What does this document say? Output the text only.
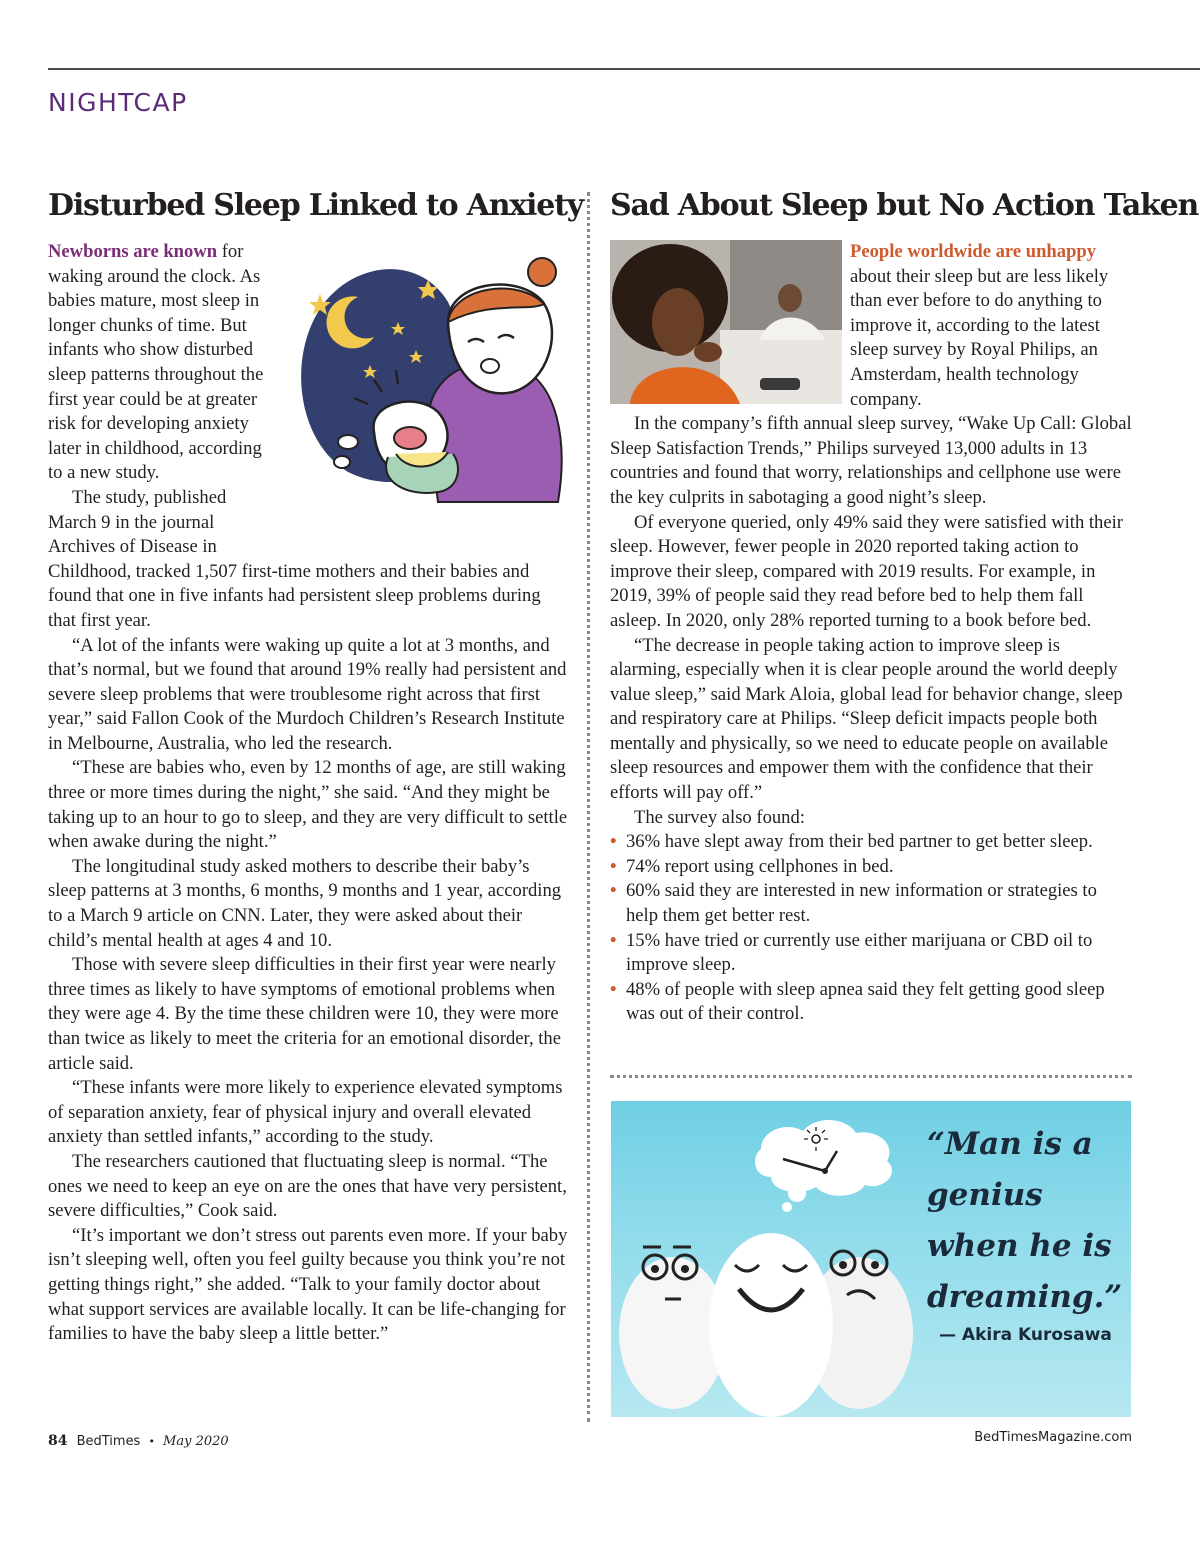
NIGHTCAP
Disturbed Sleep Linked to Anxiety Sad About Sleep but No Action Taken

Newborns are known for waking around the clock. As babies mature, most sleep in longer chunks of time. But infants who show disturbed sleep patterns throughout the first year could be at greater risk for developing anxiety later in childhood, according to a new study.

The study, published March 9 in the journal Archives of Disease in Childhood, tracked 1,507 first-time mothers and their babies and found that one in five infants had persistent sleep problems during that first year.

“A lot of the infants were waking up quite a lot at 3 months, and that’s normal, but we found that around 19% really had persistent and severe sleep problems that were troublesome right across that first year,” said Fallon Cook of the Murdoch Children’s Research Institute in Melbourne, Australia, who led the research.

“These are babies who, even by 12 months of age, are still waking three or more times during the night,” she said. “And they might be taking up to an hour to go to sleep, and they are very difficult to settle when awake during the night.”

The longitudinal study asked mothers to describe their baby’s sleep patterns at 3 months, 6 months, 9 months and 1 year, according to a March 9 article on CNN. Later, they were asked about their child’s mental health at ages 4 and 10.

Those with severe sleep difficulties in their first year were nearly three times as likely to have symptoms of emotional problems when they were age 4. By the time these children were 10, they were more than twice as likely to meet the criteria for an emotional disorder, the article said.

“These infants were more likely to experience elevated symptoms of separation anxiety, fear of physical injury and overall elevated anxiety than settled infants,” according to the study.

The researchers cautioned that fluctuating sleep is normal. “The ones we need to keep an eye on are the ones that have very persistent, severe difficulties,” Cook said.

“It’s important we don’t stress out parents even more. If your baby isn’t sleeping well, often you feel guilty because you think you’re not getting things right,” she added. “Talk to your family doctor about what support services are available locally. It can be life-changing for families to have the baby sleep a little better.”

People worldwide are unhappy about their sleep but are less likely than ever before to do anything to improve it, according to the latest sleep survey by Royal Philips, an Amsterdam, health technology company.

In the company’s fifth annual sleep survey, “Wake Up Call: Global Sleep Satisfaction Trends,” Philips surveyed 13,000 adults in 13 countries and found that worry, relationships and cellphone use were the key culprits in sabotaging a good night’s sleep.

Of everyone queried, only 49% said they were satisfied with their sleep. However, fewer people in 2020 reported taking action to improve their sleep, compared with 2019 results. For example, in 2019, 39% of people said they read before bed to help them fall asleep. In 2020, only 28% reported turning to a book before bed.

“The decrease in people taking action to improve sleep is alarming, especially when it is clear people around the world deeply value sleep,” said Mark Aloia, global lead for behavior change, sleep and respiratory care at Philips. “Sleep deficit impacts people both mentally and physically, so we need to educate people on available sleep resources and empower them with the confidence that their efforts will pay off.”

The survey also found:

• 36% have slept away from their bed partner to get better sleep.
• 74% report using cellphones in bed.
• 60% said they are interested in new information or strategies to help them get better rest.
• 15% have tried or currently use either marijuana or CBD oil to improve sleep.
• 48% of people with sleep apnea said they felt getting good sleep was out of their control.
“Man is a genius when he is dreaming.”
— Akira Kurosawa
84 BedTimes • May 2020	BedTimesMagazine.com
